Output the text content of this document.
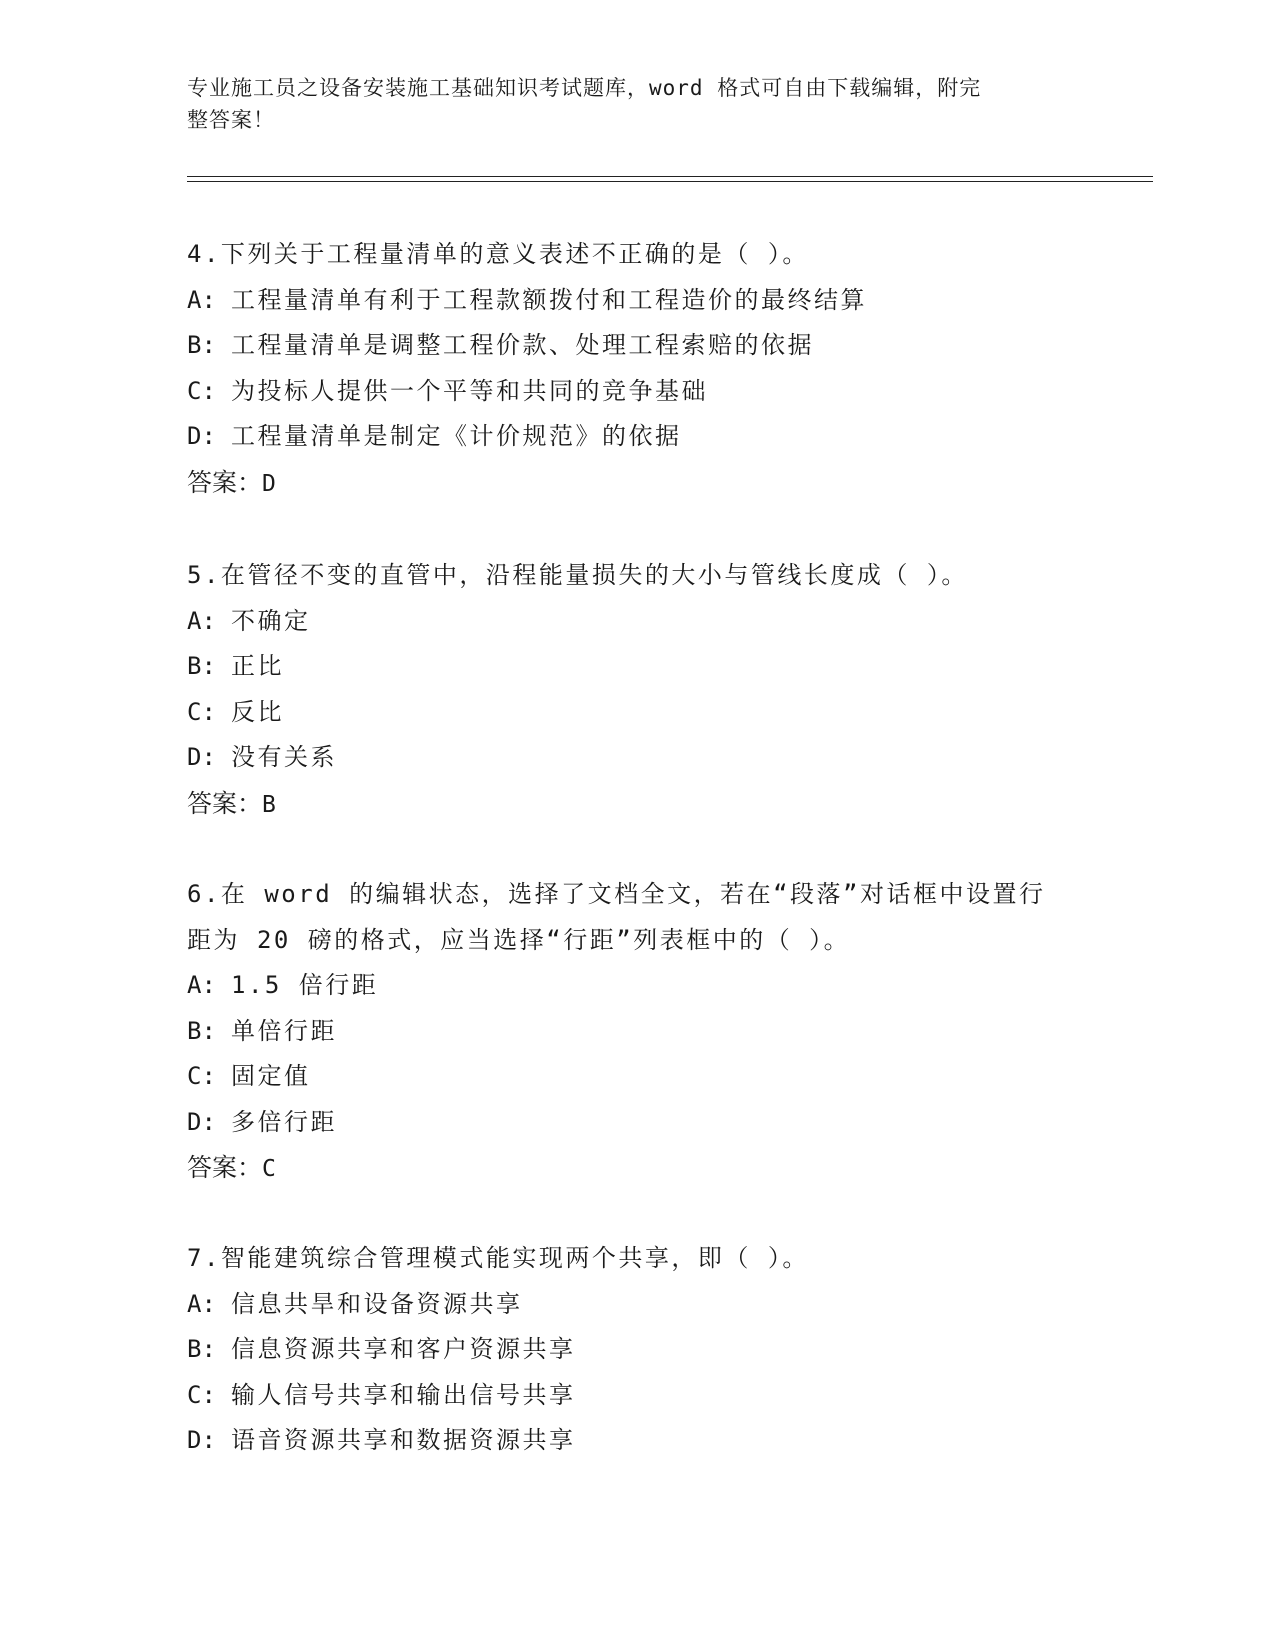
专业施工员之设备安装施工基础知识考试题库，word 格式可自由下载编辑，附完
整答案！
4.下列关于工程量清单的意义表述不正确的是（ ）。
A: 工程量清单有利于工程款额拨付和工程造价的最终结算
B: 工程量清单是调整工程价款、处理工程索赔的依据
C: 为投标人提供一个平等和共同的竞争基础
D: 工程量清单是制定《计价规范》的依据
答案：D
5.在管径不变的直管中，沿程能量损失的大小与管线长度成（ ）。
A: 不确定
B: 正比
C: 反比
D: 没有关系
答案：B
6.在 word 的编辑状态，选择了文档全文，若在“段落”对话框中设置行距为 20 磅的格式，应当选择“行距”列表框中的（ ）。
A: 1.5 倍行距
B: 单倍行距
C: 固定值
D: 多倍行距
答案：C
7.智能建筑综合管理模式能实现两个共享，即（ ）。
A: 信息共旱和设备资源共享
B: 信息资源共享和客户资源共享
C: 输人信号共享和输出信号共享
D: 语音资源共享和数据资源共享
